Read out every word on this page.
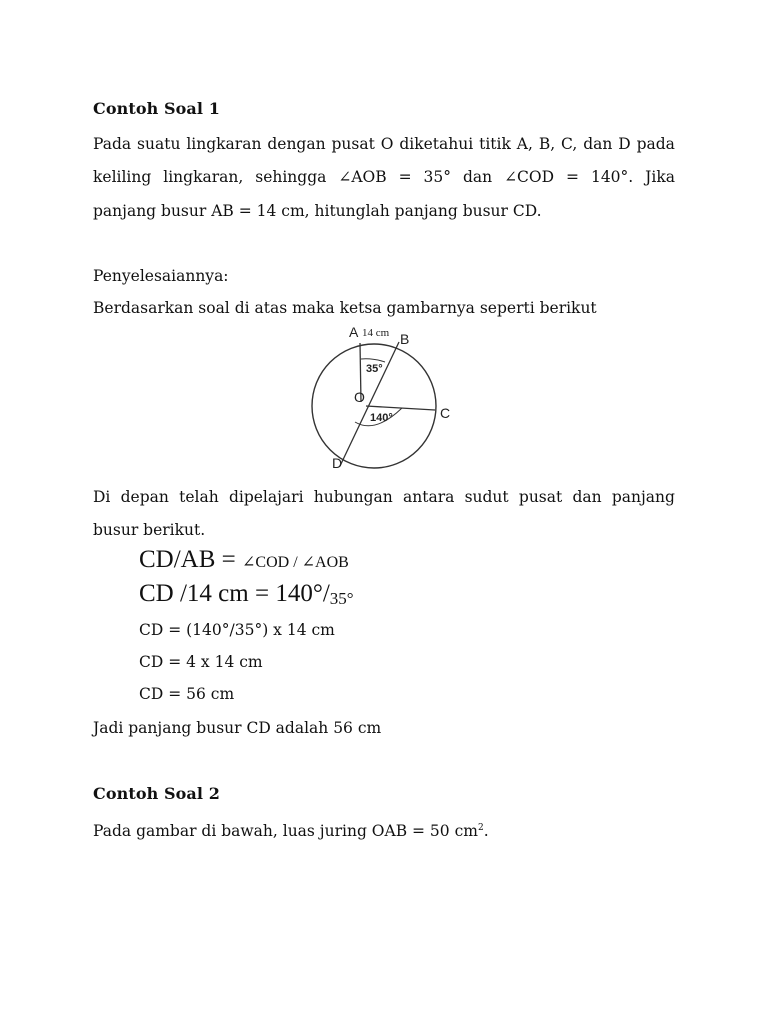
Contoh Soal 1
Pada suatu lingkaran dengan pusat O diketahui titik A, B, C, dan D pada
keliling lingkaran, sehingga ∠AOB = 35° dan ∠COD = 140°. Jika
panjang busur AB = 14 cm, hitunglah panjang busur CD.
Penyelesaiannya:
Berdasarkan soal di atas maka ketsa gambarnya seperti berikut
A 14 cm B
O
35°
140°	C
D
Di depan telah dipelajari hubungan antara sudut pusat dan panjang
busur berikut.
CD/AB = ∠COD / ∠AOB
CD /14 cm = 140°/35°
CD = (140°/35°) x 14 cm
CD = 4 x 14 cm
CD = 56 cm
Jadi panjang busur CD adalah 56 cm
Contoh Soal 2
Pada gambar di bawah, luas juring OAB = 50 $cm^2$.
